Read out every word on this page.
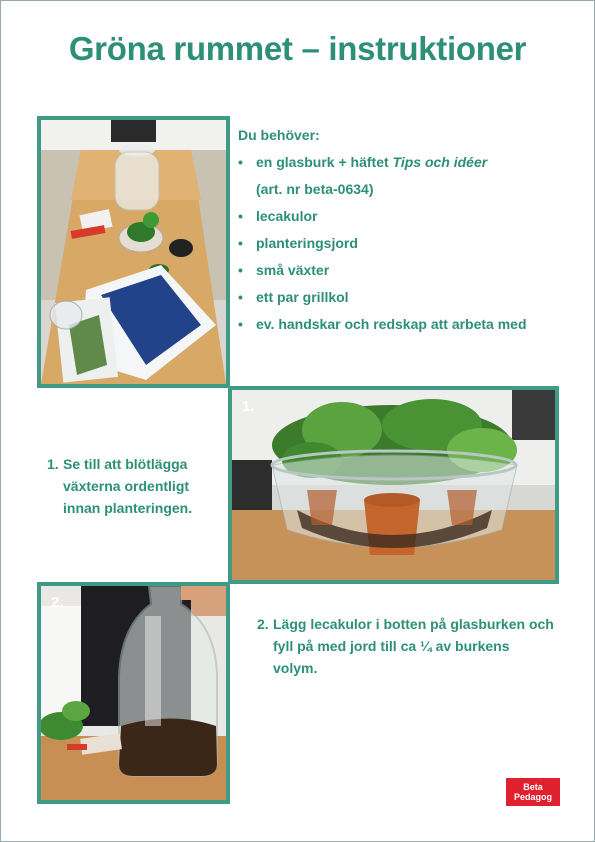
Gröna rummet – instruktioner
Du behöver:
• en glasburk + häftet Tips och idéer
(art. nr beta-0634)
• lecakulor
• planteringsjord
• små växter
• ett par grillkol
• ev. handskar och redskap att arbeta med
1. Se till att blötlägga växterna ordentligt innan planteringen.
1.
2.
2. Lägg lecakulor i botten på glasburken och fyll på med jord till ca ¼ av burkens volym.
Beta
Pedagog
